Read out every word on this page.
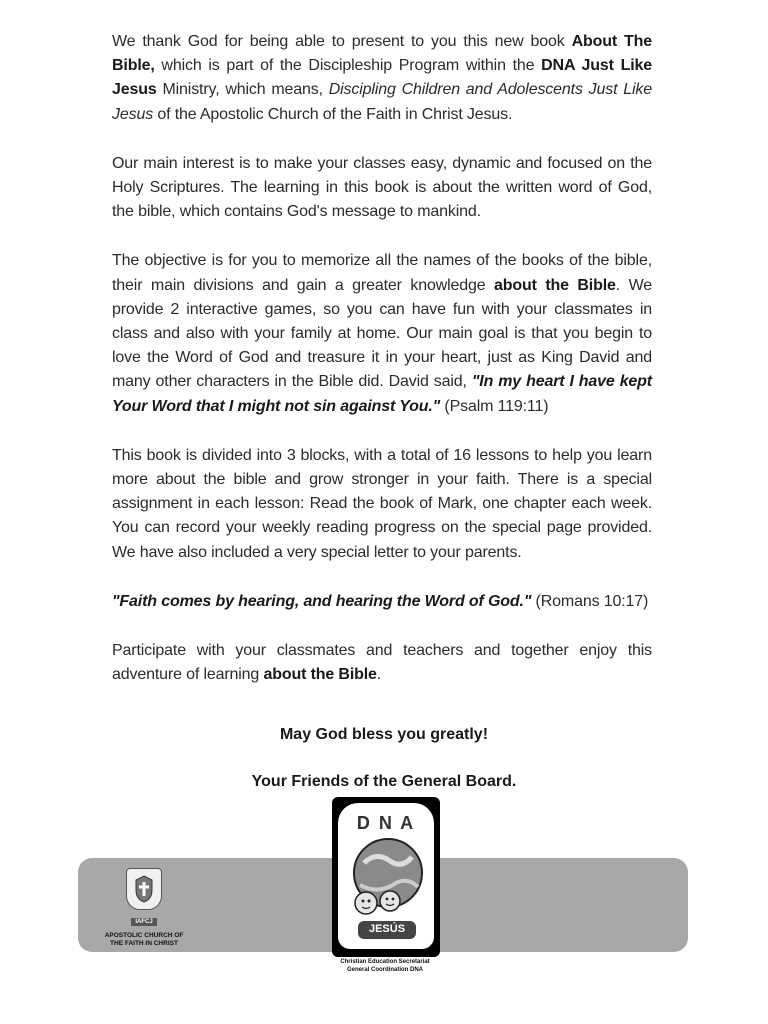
We thank God for being able to present to you this new book About The Bible, which is part of the Discipleship Program within the DNA Just Like Jesus Ministry, which means, Discipling Children and Adolescents Just Like Jesus of the Apostolic Church of the Faith in Christ Jesus.

Our main interest is to make your classes easy, dynamic and focused on the Holy Scriptures. The learning in this book is about the written word of God, the bible, which contains God's message to mankind.

The objective is for you to memorize all the names of the books of the bible, their main divisions and gain a greater knowledge about the Bible. We provide 2 interactive games, so you can have fun with your classmates in class and also with your family at home. Our main goal is that you begin to love the Word of God and treasure it in your heart, just as King David and many other characters in the Bible did. David said, "In my heart I have kept Your Word that I might not sin against You." (Psalm 119:11)

This book is divided into 3 blocks, with a total of 16 lessons to help you learn more about the bible and grow stronger in your faith. There is a special assignment in each lesson: Read the book of Mark, one chapter each week. You can record your weekly reading progress on the special page provided. We have also included a very special letter to your parents.

"Faith comes by hearing, and hearing the Word of God." (Romans 10:17)

Participate with your classmates and teachers and together enjoy this adventure of learning about the Bible.

May God bless you greatly!
Your Friends of the General Board.
IAFCJ
APOSTOLIC CHURCH OF
THE FAITH IN CHRIST
D N A
JESÚS
Christian Education Secretariat
General Coordination DNA
